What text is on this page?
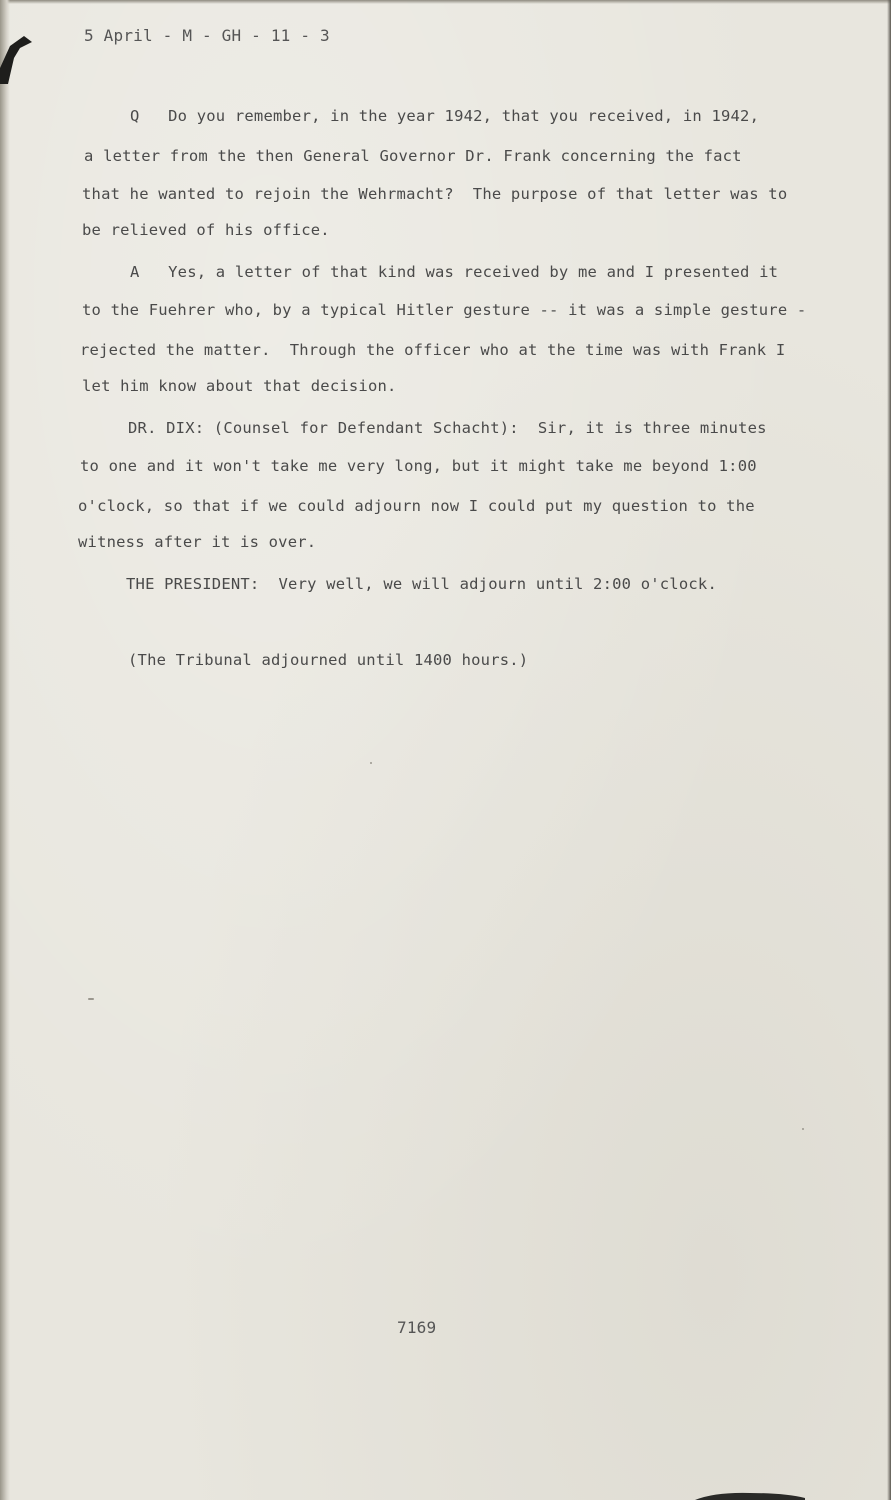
5 April - M - GH - 11 - 3
Q   Do you remember, in the year 1942, that you received, in 1942,
a letter from the then General Governor Dr. Frank concerning the fact
that he wanted to rejoin the Wehrmacht?  The purpose of that letter was to
be relieved of his office.
A   Yes, a letter of that kind was received by me and I presented it
to the Fuehrer who, by a typical Hitler gesture -- it was a simple gesture -
rejected the matter.  Through the officer who at the time was with Frank I
let him know about that decision.
DR. DIX: (Counsel for Defendant Schacht):  Sir, it is three minutes
to one and it won't take me very long, but it might take me beyond 1:00
o'clock, so that if we could adjourn now I could put my question to the
witness after it is over.
THE PRESIDENT:  Very well, we will adjourn until 2:00 o'clock.
(The Tribunal adjourned until 1400 hours.)
7169
